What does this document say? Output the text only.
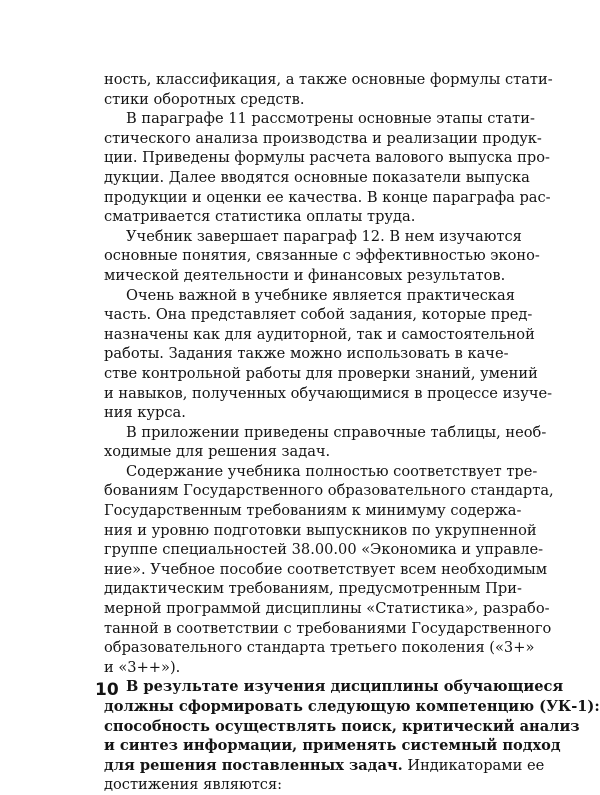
ность, классификация, а также основные формулы стати-
стики оборотных средств.
В параграфе 11 рассмотрены основные этапы стати-
стического анализа производства и реализации продук-
ции. Приведены формулы расчета валового выпуска про-
дукции. Далее вводятся основные показатели выпуска
продукции и оценки ее качества. В конце параграфа рас-
сматривается статистика оплаты труда.
Учебник завершает параграф 12. В нем изучаются
основные понятия, связанные с эффективностью эконо-
мической деятельности и финансовых результатов.
Очень важной в учебнике является практическая
часть. Она представляет собой задания, которые пред-
назначены как для аудиторной, так и самостоятельной
работы. Задания также можно использовать в каче-
стве контрольной работы для проверки знаний, умений
и навыков, полученных обучающимися в процессе изуче-
ния курса.
В приложении приведены справочные таблицы, необ-
ходимые для решения задач.
Содержание учебника полностью соответствует тре-
бованиям Государственного образовательного стандарта,
Государственным требованиям к минимуму содержа-
ния и уровню подготовки выпускников по укрупненной
группе специальностей 38.00.00 «Экономика и управле-
ние». Учебное пособие соответствует всем необходимым
дидактическим требованиям, предусмотренным При-
мерной программой дисциплины «Статистика», разрабо-
танной в соответствии с требованиями Государственного
образовательного стандарта третьего поколения («3+»
и «3++»).
В результате изучения дисциплины обучающиеся
должны сформировать следующую компетенцию (УК-1):
способность осуществлять поиск, критический анализ
и синтез информации, применять системный подход
для решения поставленных задач. Индикаторами ее
достижения являются:
10
